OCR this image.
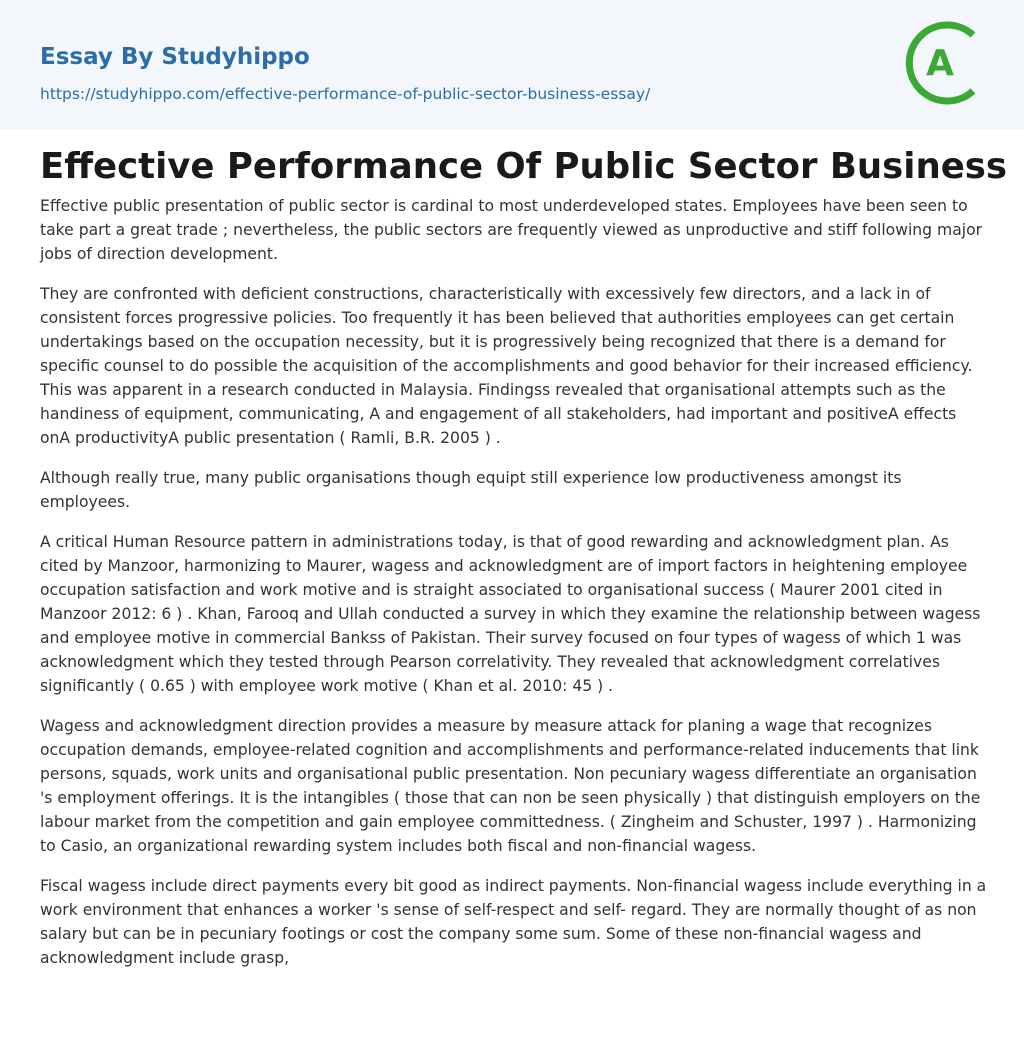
Essay By Studyhippo
https://studyhippo.com/effective-performance-of-public-sector-business-essay/
A
Effective Performance Of Public Sector Business

Effective public presentation of public sector is cardinal to most underdeveloped states. Employees have been seen to take part a great trade ; nevertheless, the public sectors are frequently viewed as unproductive and stiff following major jobs of direction development.

They are confronted with deficient constructions, characteristically with excessively few directors, and a lack in of consistent forces progressive policies. Too frequently it has been believed that authorities employees can get certain undertakings based on the occupation necessity, but it is progressively being recognized that there is a demand for specific counsel to do possible the acquisition of the accomplishments and good behavior for their increased efficiency. This was apparent in a research conducted in Malaysia. Findingss revealed that organisational attempts such as the handiness of equipment, communicating, A and engagement of all stakeholders, had important and positiveA effects onA productivityA public presentation ( Ramli, B.R. 2005 ) .

Although really true, many public organisations though equipt still experience low productiveness amongst its employees.

A critical Human Resource pattern in administrations today, is that of good rewarding and acknowledgment plan. As cited by Manzoor, harmonizing to Maurer, wagess and acknowledgment are of import factors in heightening employee occupation satisfaction and work motive and is straight associated to organisational success ( Maurer 2001 cited in Manzoor 2012: 6 ) . Khan, Farooq and Ullah conducted a survey in which they examine the relationship between wagess and employee motive in commercial Bankss of Pakistan. Their survey focused on four types of wagess of which 1 was acknowledgment which they tested through Pearson correlativity. They revealed that acknowledgment correlatives significantly ( 0.65 ) with employee work motive ( Khan et al. 2010: 45 ) .

Wagess and acknowledgment direction provides a measure by measure attack for planing a wage that recognizes occupation demands, employee-related cognition and accomplishments and performance-related inducements that link persons, squads, work units and organisational public presentation. Non pecuniary wagess differentiate an organisation 's employment offerings. It is the intangibles ( those that can non be seen physically ) that distinguish employers on the labour market from the competition and gain employee committedness. ( Zingheim and Schuster, 1997 ) . Harmonizing to Casio, an organizational rewarding system includes both fiscal and non-financial wagess.

Fiscal wagess include direct payments every bit good as indirect payments. Non-financial wagess include everything in a work environment that enhances a worker 's sense of self-respect and self- regard. They are normally thought of as non salary but can be in pecuniary footings or cost the company some sum. Some of these non-financial wagess and acknowledgment include grasp,
